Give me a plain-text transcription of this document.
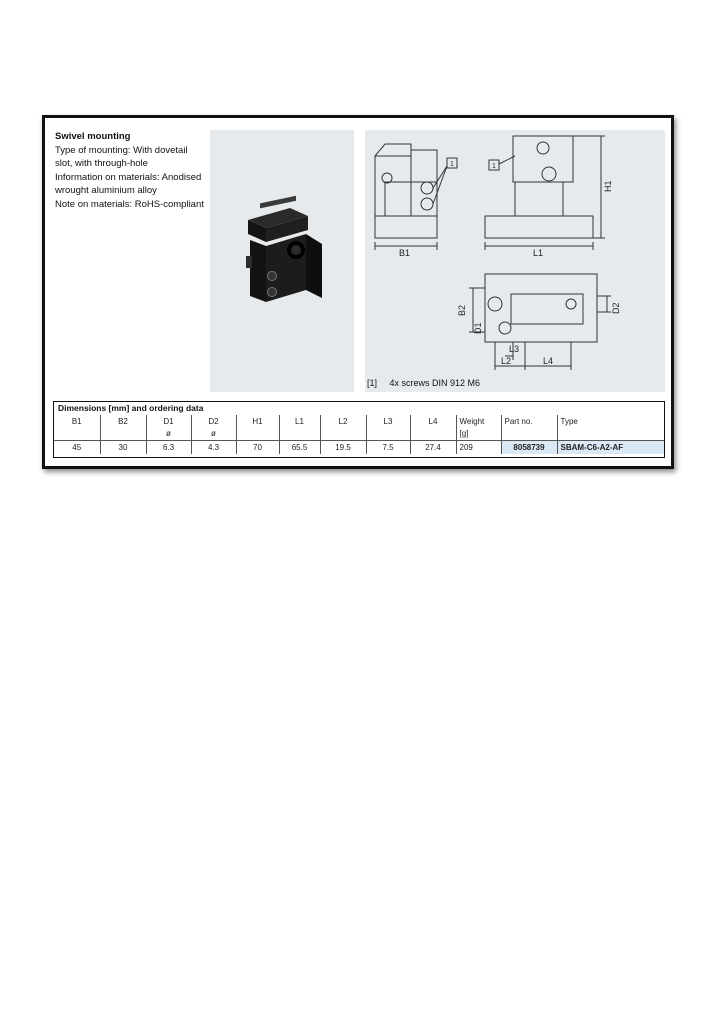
Swivel mounting

Type of mounting: With dovetail slot, with through-hole

Information on materials: Anodised wrought aluminium alloy

Note on materials: RoHS-compliant

B1	L1
H1
B2
D1
D2
L2
L3
L4
1	1
[1] 4x screws DIN 912 M6
Dimensions [mm] and ordering data
B1	B2	D1	D2	H1	L1	L2	L3	L4	Weight	Part no.	Type
		ø	ø						[g]		
45	30	6.3	4.3	70	65.5	19.5	7.5	27.4	209	8058739	SBAM-C6-A2-AF
